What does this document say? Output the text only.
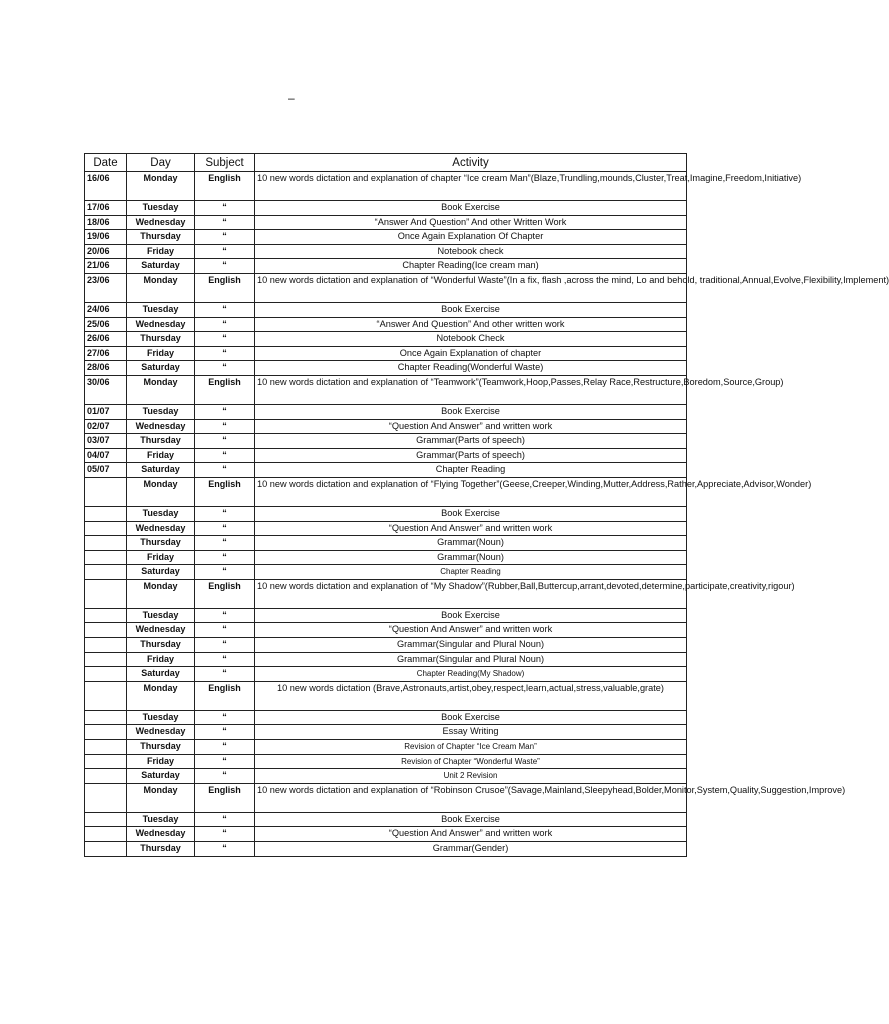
–
Date	Day	Subject	Activity
16/06	Monday	English	10 new words dictation and explanation of chapter “Ice cream Man”(Blaze,Trundling,mounds,Cluster,Treat,Imagine,Freedom,Initiative)
17/06	Tuesday	“	Book Exercise
18/06	Wednesday	“	“Answer And Question” And other Written Work
19/06	Thursday	“	Once Again Explanation Of Chapter
20/06	Friday	“	Notebook check
21/06	Saturday	“	Chapter Reading(Ice cream man)
23/06	Monday	English	10 new words dictation and explanation of “Wonderful Waste”(In a fix, flash ,across the mind, Lo and behold, traditional,Annual,Evolve,Flexibility,Implement)
24/06	Tuesday	“	Book Exercise
25/06	Wednesday	“	“Answer And Question” And other written work
26/06	Thursday	“	Notebook Check
27/06	Friday	“	Once Again Explanation of chapter
28/06	Saturday	“	Chapter Reading(Wonderful Waste)
30/06	Monday	English	10 new words dictation and explanation of “Teamwork”(Teamwork,Hoop,Passes,Relay Race,Restructure,Boredom,Source,Group)
01/07	Tuesday	“	Book Exercise
02/07	Wednesday	“	“Question And Answer” and written work
03/07	Thursday	“	Grammar(Parts of speech)
04/07	Friday	“	Grammar(Parts of speech)
05/07	Saturday	“	Chapter Reading
	Monday	English	10 new words dictation and explanation of “Flying Together”(Geese,Creeper,Winding,Mutter,Address,Rather,Appreciate,Advisor,Wonder)
	Tuesday	“	Book Exercise
	Wednesday	“	“Question And Answer” and written work
	Thursday	“	Grammar(Noun)
	Friday	“	Grammar(Noun)
	Saturday	“	Chapter Reading
	Monday	English	10 new words dictation and explanation of “My Shadow”(Rubber,Ball,Buttercup,arrant,devoted,determine,participate,creativity,rigour)
	Tuesday	“	Book Exercise
	Wednesday	“	“Question And Answer” and written work
	Thursday	“	Grammar(Singular and Plural Noun)
	Friday	“	Grammar(Singular and Plural Noun)
	Saturday	“	Chapter Reading(My Shadow)
	Monday	English	10 new words dictation (Brave,Astronauts,artist,obey,respect,learn,actual,stress,valuable,grate)
	Tuesday	“	Book Exercise
	Wednesday	“	Essay Writing
	Thursday	“	Revision of Chapter “Ice Cream Man”
	Friday	“	Revision of Chapter “Wonderful Waste”
	Saturday	“	Unit 2 Revision
	Monday	English	10 new words dictation and explanation of “Robinson Crusoe”(Savage,Mainland,Sleepyhead,Bolder,Monitor,System,Quality,Suggestion,Improve)
	Tuesday	“	Book Exercise
	Wednesday	“	“Question And Answer” and written work
	Thursday	“	Grammar(Gender)
